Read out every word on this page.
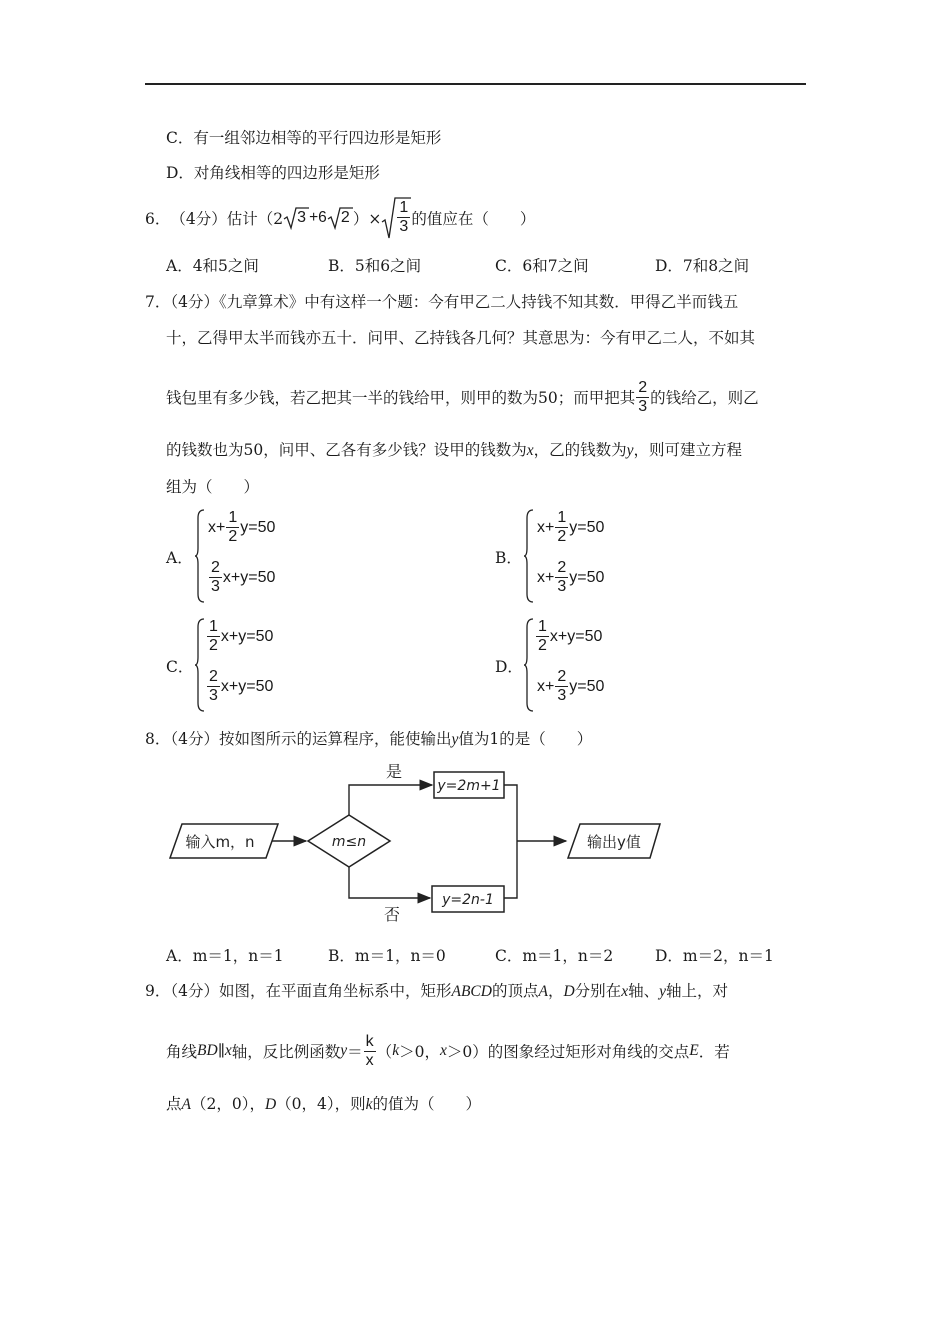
C．有一组邻边相等的平行四边形是矩形
D．对角线相等的四边形是矩形
6． （4分） 估计（2 3 +6 2 ）× $\frac{1}{3}$ 的值应在（　　）
A．4和5之间	B．5和6之间	C．6和7之间	D．7和8之间
7．（4分）《九章算术》中有这样一个题：今有甲乙二人持钱不知其数．甲得乙半而钱五
十，乙得甲太半而钱亦五十．问甲、乙持钱各几何？其意思为：今有甲乙二人，不如其
钱包里有多少钱，若乙把其一半的钱给甲，则甲的数为50；而甲把其 $\frac{2}{3}$ 的钱给乙，则乙
的钱数也为50，问甲、乙各有多少钱？设甲的钱数为x，乙的钱数为y，则可建立方程
组为（　　）
A．
$x+ \frac{1}{2} y=50$
$\frac{2}{3} x+y=50$
B．
$x+ \frac{1}{2} y=50$
$x+ \frac{2}{3} y=50$
C．
$\frac{1}{2} x+y=50$
$\frac{2}{3} x+y=50$
D．
$\frac{1}{2} x+y=50$
$x+ \frac{2}{3} y=50$
8．（4分）按如图所示的运算程序，能使输出y值为1的是（　　）
输入m，n	m≤n
是
y=2m+1
否
y=2n-1
输出y值
A．m＝1，n＝1	B．m＝1，n＝0	C．m＝1，n＝2	D．m＝2，n＝1
9．（4分）如图，在平面直角坐标系中，矩形ABCD的顶点A，D分别在x轴、y轴上，对
角线 BD ∥ x 轴，反比例函数 $y = \frac{k}{x}$ （ k ＞0， x ＞0）的图象经过矩形对角线的交点 E ．若
点A（2，0），D（0，4），则k的值为（　　）
